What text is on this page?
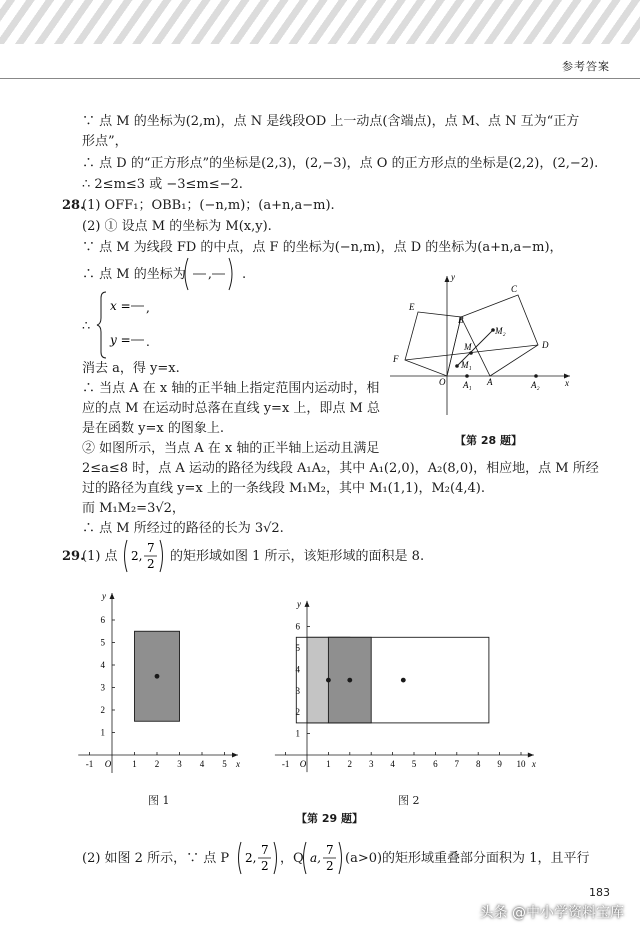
参考答案
∵ 点 M 的坐标为(2,m)，点 N 是线段OD 上一动点(含端点)，点 M、点 N 互为“正方
形点”，
∴ 点 D 的“正方形点”的坐标是(2,3)，(2,−3)，点 O 的正方形点的坐标是(2,2)，(2,−2).
∴ 2≤m≤3 或 −3≤m≤−2.
28.
(1) OFF₁；OBB₁；(−n,m)；(a+n,a−m).
(2) ① 设点 M 的坐标为 M(x,y).
∵ 点 M 为线段 FD 的中点，点 F 的坐标为(−n,m)，点 D 的坐标为(a+n,a−m)，
∴ 点 M 的坐标为 , .
∴
x = ,
y = .
消去 a，得 y=x.
∴ 当点 A 在 x 轴的正半轴上指定范围内运动时，相
应的点 M 在运动时总落在直线 y=x 上，即点 M 总
是在函数 y=x 的图象上.
② 如图所示，当点 A 在 x 轴的正半轴上运动且满足
2≤a≤8 时，点 A 运动的路径为线段 A₁A₂，其中 A₁(2,0)，A₂(8,0)，相应地，点 M 所经
过的路径为直线 y=x 上的一条线段 M₁M₂，其中 M₁(1,1)，M₂(4,4).
而 M₁M₂=3√2，
∴ 点 M 所经过的路径的长为 3√2.
E
C
B
M₂
M	D
F
M₁
O A₁ A	A₂	x
y
【第 28 题】
29.
(1) 点 2,
7
2 的矩形域如图 1 所示，该矩形域的面积是 8.
-1 O 1 2 3 4 5
1
2
3
4
5
6
x
y
-1 O 1 2 3 4 5 6 7 8 9 10
1
2
3
4
5
6
x
y
图 1	图 2
【第 29 题】
(2) 如图 2 所示，∵ 点 P 2,
7
2 ，Q a,
7
2 (a>0)的矩形域重叠部分面积为 1，且平行
183
头条 @中小学资料宝库
